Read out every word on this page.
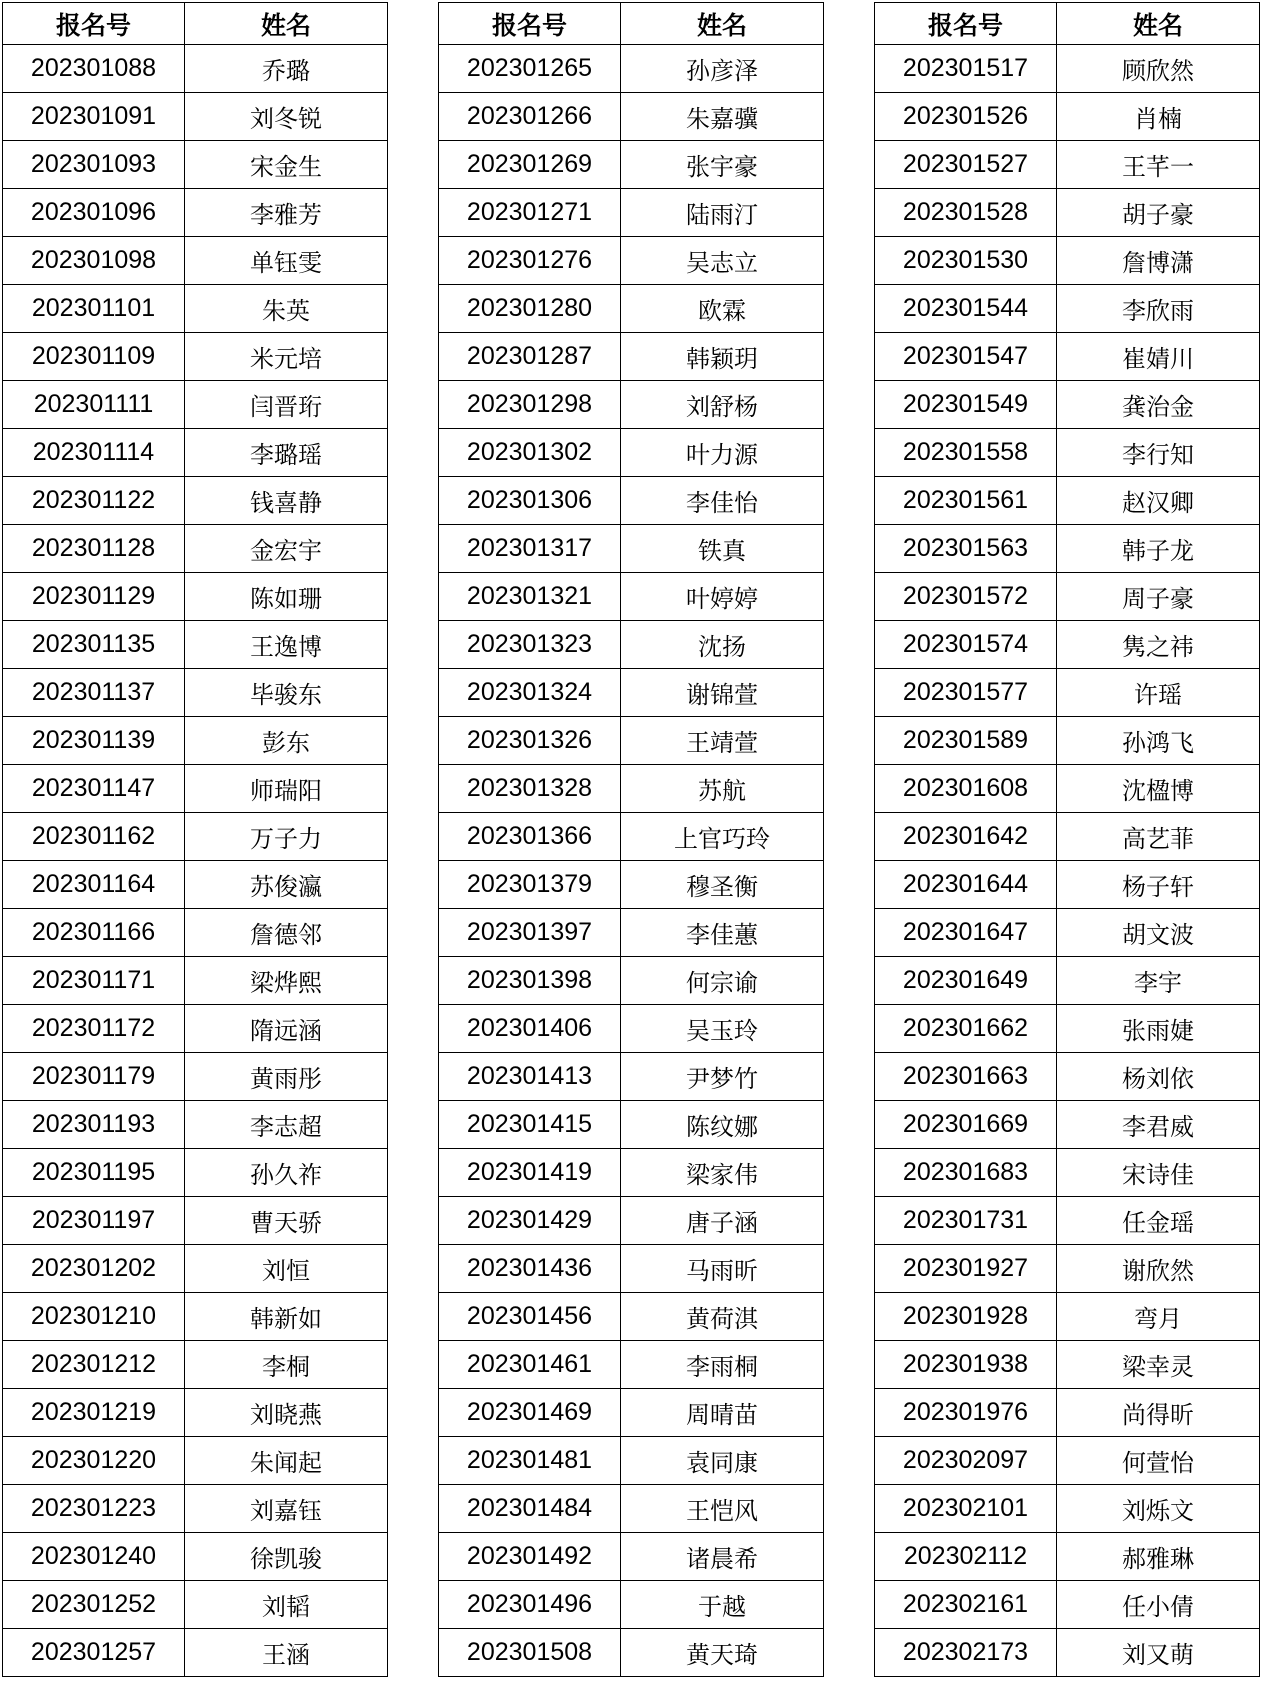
报名号	姓名
202301088	乔璐
202301091	刘冬锐
202301093	宋金生
202301096	李雅芳
202301098	单钰雯
202301101	朱英
202301109	米元培
202301111	闫晋珩
202301114	李璐瑶
202301122	钱喜静
202301128	金宏宇
202301129	陈如珊
202301135	王逸博
202301137	毕骏东
202301139	彭东
202301147	师瑞阳
202301162	万子力
202301164	苏俊瀛
202301166	詹德邻
202301171	梁烨熙
202301172	隋远涵
202301179	黄雨彤
202301193	李志超
202301195	孙久祚
202301197	曹天骄
202301202	刘恒
202301210	韩新如
202301212	李桐
202301219	刘晓燕
202301220	朱闻起
202301223	刘嘉钰
202301240	徐凯骏
202301252	刘韬
202301257	王涵
报名号	姓名
202301265	孙彦泽
202301266	朱嘉骥
202301269	张宇豪
202301271	陆雨汀
202301276	吴志立
202301280	欧霖
202301287	韩颖玥
202301298	刘舒杨
202301302	叶力源
202301306	李佳怡
202301317	铁真
202301321	叶婷婷
202301323	沈扬
202301324	谢锦萱
202301326	王靖萱
202301328	苏航
202301366	上官巧玲
202301379	穆圣衡
202301397	李佳蕙
202301398	何宗谕
202301406	吴玉玲
202301413	尹梦竹
202301415	陈纹娜
202301419	梁家伟
202301429	唐子涵
202301436	马雨昕
202301456	黄荷淇
202301461	李雨桐
202301469	周晴苗
202301481	袁同康
202301484	王恺风
202301492	诸晨希
202301496	于越
202301508	黄天琦
报名号	姓名
202301517	顾欣然
202301526	肖楠
202301527	王芊一
202301528	胡子豪
202301530	詹博潇
202301544	李欣雨
202301547	崔婧川
202301549	龚治金
202301558	李行知
202301561	赵汉卿
202301563	韩子龙
202301572	周子豪
202301574	隽之祎
202301577	许瑶
202301589	孙鸿飞
202301608	沈楹博
202301642	高艺菲
202301644	杨子轩
202301647	胡文波
202301649	李宇
202301662	张雨婕
202301663	杨刘依
202301669	李君威
202301683	宋诗佳
202301731	任金瑶
202301927	谢欣然
202301928	弯月
202301938	梁幸灵
202301976	尚得昕
202302097	何萱怡
202302101	刘烁文
202302112	郝雅琳
202302161	任小倩
202302173	刘又萌
